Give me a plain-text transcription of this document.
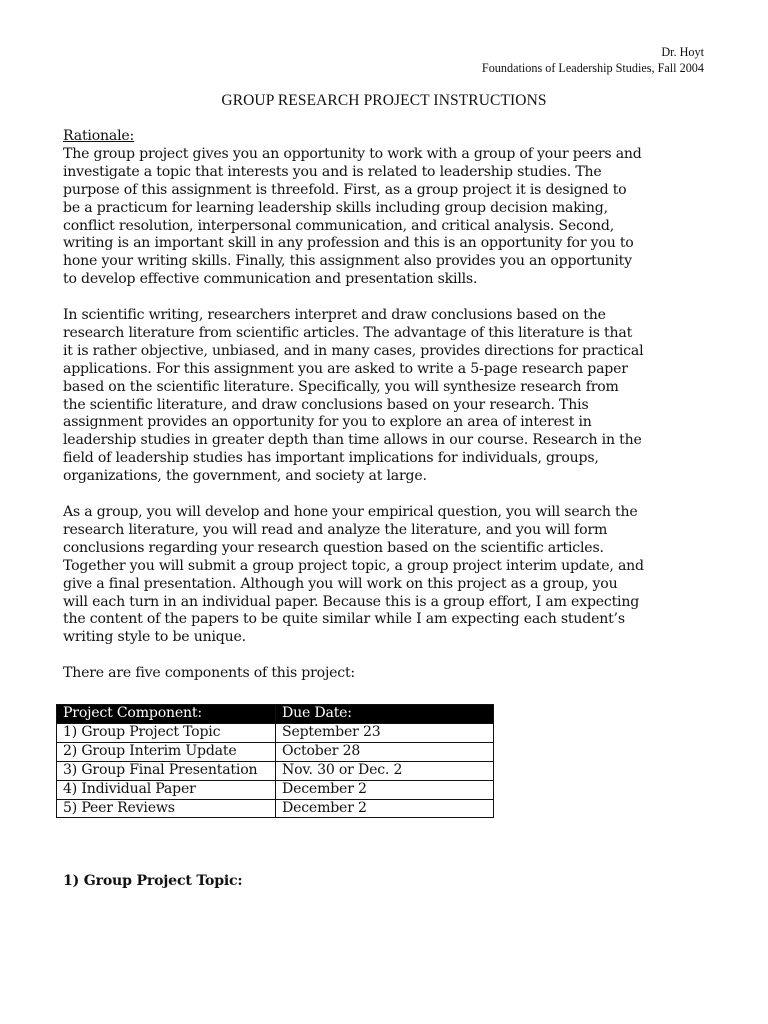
Dr. Hoyt
Foundations of Leadership Studies, Fall 2004
GROUP RESEARCH PROJECT INSTRUCTIONS
Rationale:
The group project gives you an opportunity to work with a group of your peers and
investigate a topic that interests you and is related to leadership studies. The
purpose of this assignment is threefold. First, as a group project it is designed to
be a practicum for learning leadership skills including group decision making,
conflict resolution, interpersonal communication, and critical analysis. Second,
writing is an important skill in any profession and this is an opportunity for you to
hone your writing skills. Finally, this assignment also provides you an opportunity
to develop effective communication and presentation skills.
In scientific writing, researchers interpret and draw conclusions based on the
research literature from scientific articles. The advantage of this literature is that
it is rather objective, unbiased, and in many cases, provides directions for practical
applications. For this assignment you are asked to write a 5-page research paper
based on the scientific literature. Specifically, you will synthesize research from
the scientific literature, and draw conclusions based on your research. This
assignment provides an opportunity for you to explore an area of interest in
leadership studies in greater depth than time allows in our course. Research in the
field of leadership studies has important implications for individuals, groups,
organizations, the government, and society at large.
As a group, you will develop and hone your empirical question, you will search the
research literature, you will read and analyze the literature, and you will form
conclusions regarding your research question based on the scientific articles.
Together you will submit a group project topic, a group project interim update, and
give a final presentation. Although you will work on this project as a group, you
will each turn in an individual paper. Because this is a group effort, I am expecting
the content of the papers to be quite similar while I am expecting each student’s
writing style to be unique.
There are five components of this project:
Project Component:	Due Date:
1) Group Project Topic	September 23
2) Group Interim Update	October 28
3) Group Final Presentation	Nov. 30 or Dec. 2
4) Individual Paper	December 2
5) Peer Reviews	December 2
1) Group Project Topic:
